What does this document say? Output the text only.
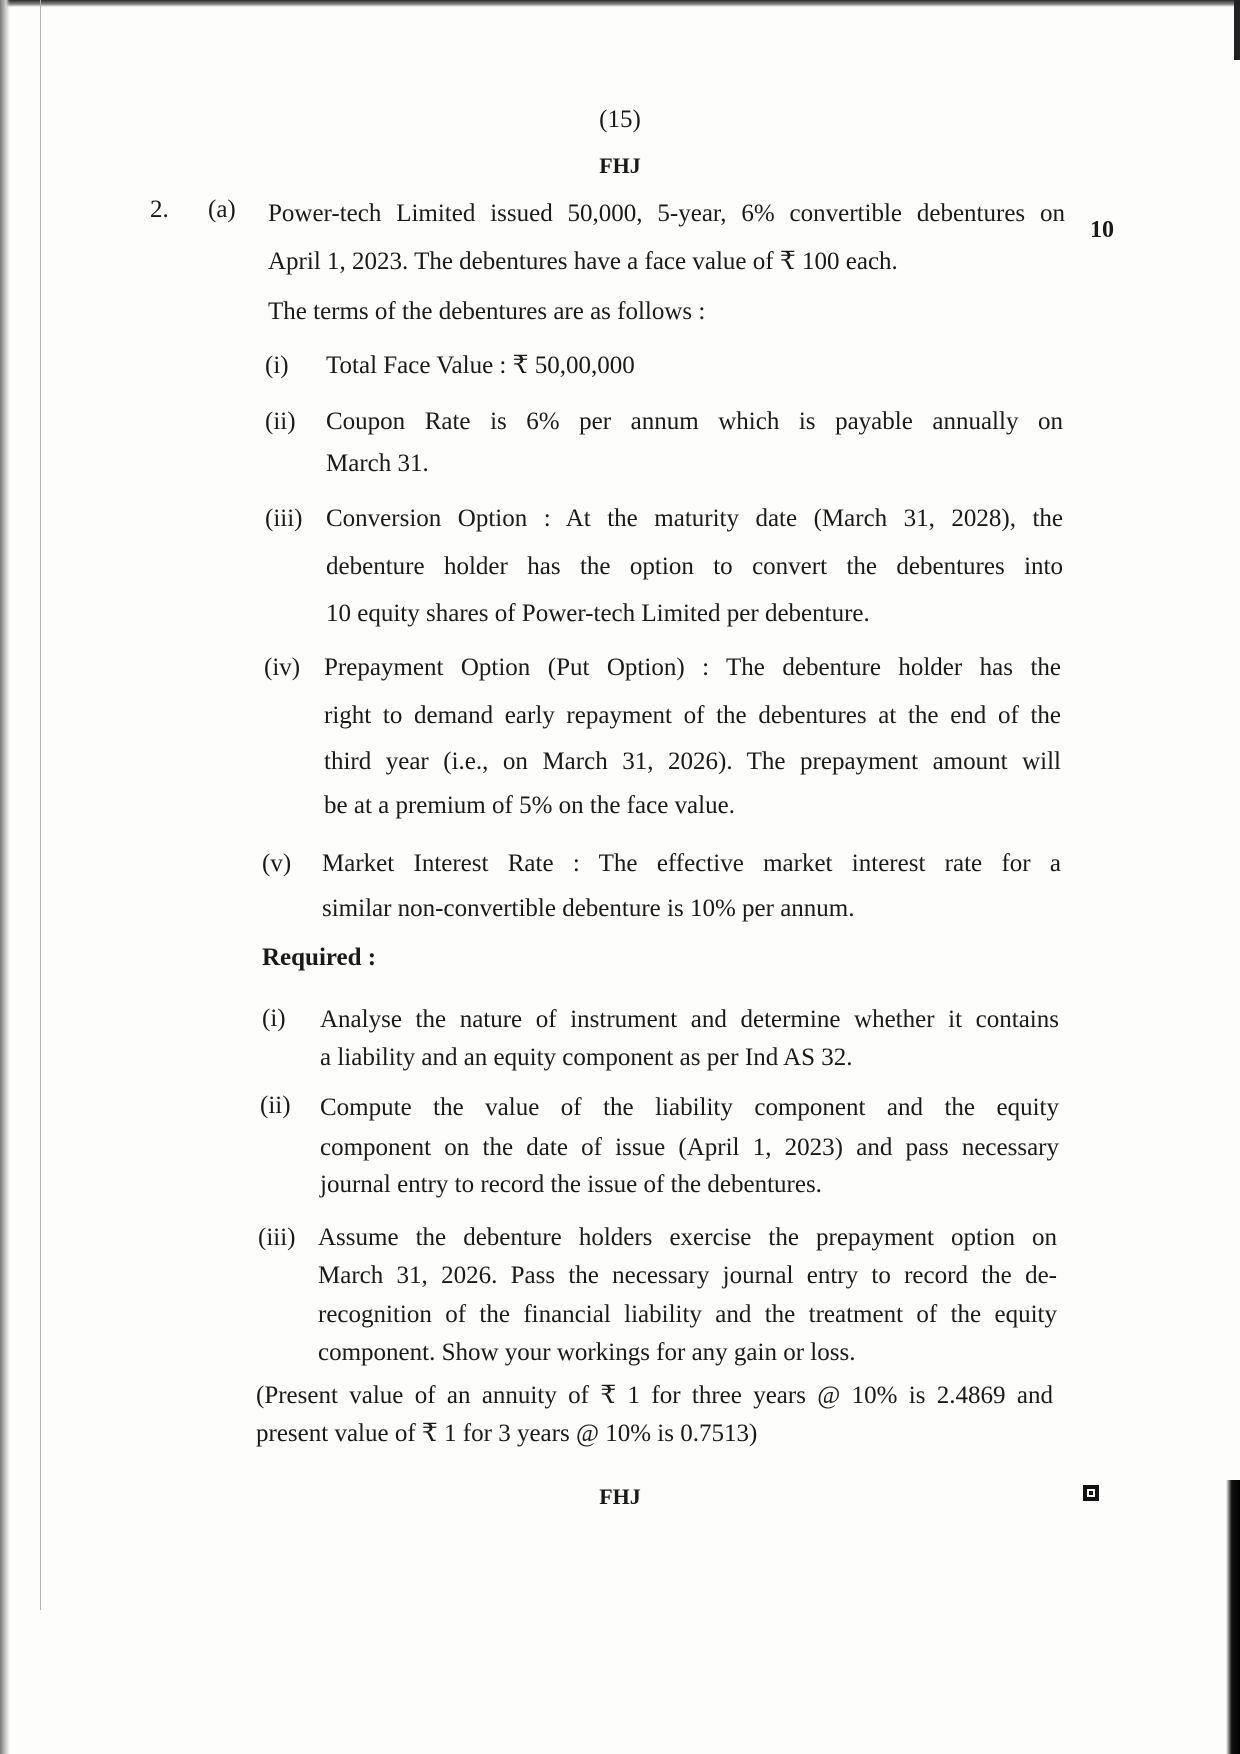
(15)
FHJ
2. (a)
10
Power-tech Limited issued 50,000, 5-year, 6% convertible debentures on
April 1, 2023. The debentures have a face value of ₹ 100 each.
The terms of the debentures are as follows :
(i) Total Face Value : ₹ 50,00,000
(ii) Coupon Rate is 6% per annum which is payable annually on
March 31.
(iii) Conversion Option : At the maturity date (March 31, 2028), the
debenture holder has the option to convert the debentures into
10 equity shares of Power-tech Limited per debenture.
(iv) Prepayment Option (Put Option) : The debenture holder has the
right to demand early repayment of the debentures at the end of the
third year (i.e., on March 31, 2026). The prepayment amount will
be at a premium of 5% on the face value.
(v) Market Interest Rate : The effective market interest rate for a
similar non-convertible debenture is 10% per annum.
Required :
(i) Analyse the nature of instrument and determine whether it contains
a liability and an equity component as per Ind AS 32.
(ii) Compute the value of the liability component and the equity
component on the date of issue (April 1, 2023) and pass necessary
journal entry to record the issue of the debentures.
(iii) Assume the debenture holders exercise the prepayment option on
March 31, 2026. Pass the necessary journal entry to record the de-
recognition of the financial liability and the treatment of the equity
component. Show your workings for any gain or loss.
(Present value of an annuity of ₹ 1 for three years @ 10% is 2.4869 and
present value of ₹ 1 for 3 years @ 10% is 0.7513)
FHJ
